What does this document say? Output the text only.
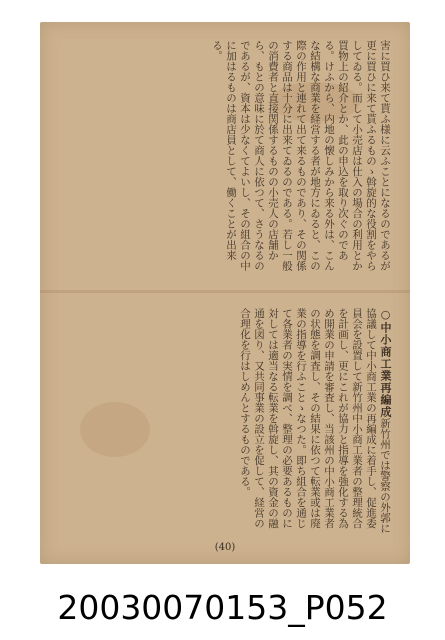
害に買ひ来て貰ふ様に云ふことになるのであるが更に買ひに来て貰ふるものゝ斡旋的な役割をやらしてゐる。而して小売店は仕入の場合の利用とか買物上の紹介とか、此の申込を取り次ぐのである。けふから、内地の懐しみから来る外は、こんな結構な商業を経営する者が地方にゐると、この際の作用と連れて出て来るものであり、その関係する商品は十分に出来てゐるのである。若し一般の消費者と直接関係するものの小売人の店舗から、もとの意味に於て商人に依つて、さうなるのであるが、資本は少なくてよいし、その組合の中に加はるものは商店員として、働くことが出来る。
○中小商工業再編成新竹州では警察の外郭に協議して中小商工業の再編成に着手し、促進委員会を設置して新竹州中小商工業者の整理統合を計画し、更にこれが協力と指導を強化する為め開業の申請を審査し、当該州の中小商工業者の状態を調査し、その結果に依つて転業或は廃業の指導を行ふことゝなつた。即ち組合を通じて各業者の実情を調べ、整理の必要あるものに対しては適当なる転業を斡旋し、其の資金の融通を図り、又共同事業の設立を促して、経営の合理化を行はしめんとするものである。
(40)
20030070153_P052
